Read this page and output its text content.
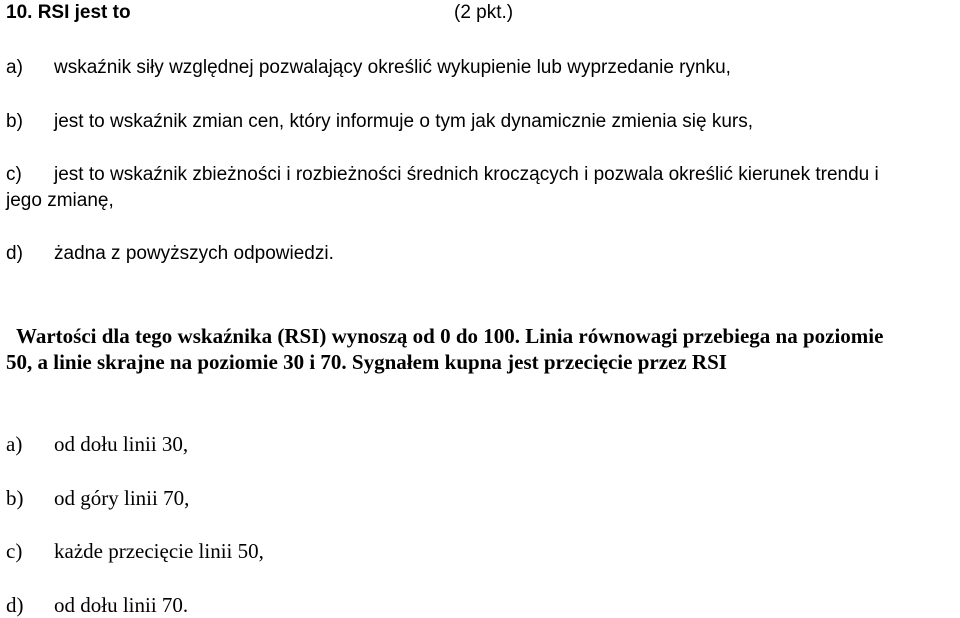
10. RSI jest to	(2 pkt.)
a) wskaźnik siły względnej pozwalający określić wykupienie lub wyprzedanie rynku,
b) jest to wskaźnik zmian cen, który informuje o tym jak dynamicznie zmienia się kurs,
c) jest to wskaźnik zbieżności i rozbieżności średnich kroczących i pozwala określić kierunek trendu i
jego zmianę,
d) żadna z powyższych odpowiedzi.
Wartości dla tego wskaźnika (RSI) wynoszą od 0 do 100. Linia równowagi przebiega na poziomie
50, a linie skrajne na poziomie 30 i 70. Sygnałem kupna jest przecięcie przez RSI
a) od dołu linii 30,
b) od góry linii 70,
c) każde przecięcie linii 50,
d) od dołu linii 70.
